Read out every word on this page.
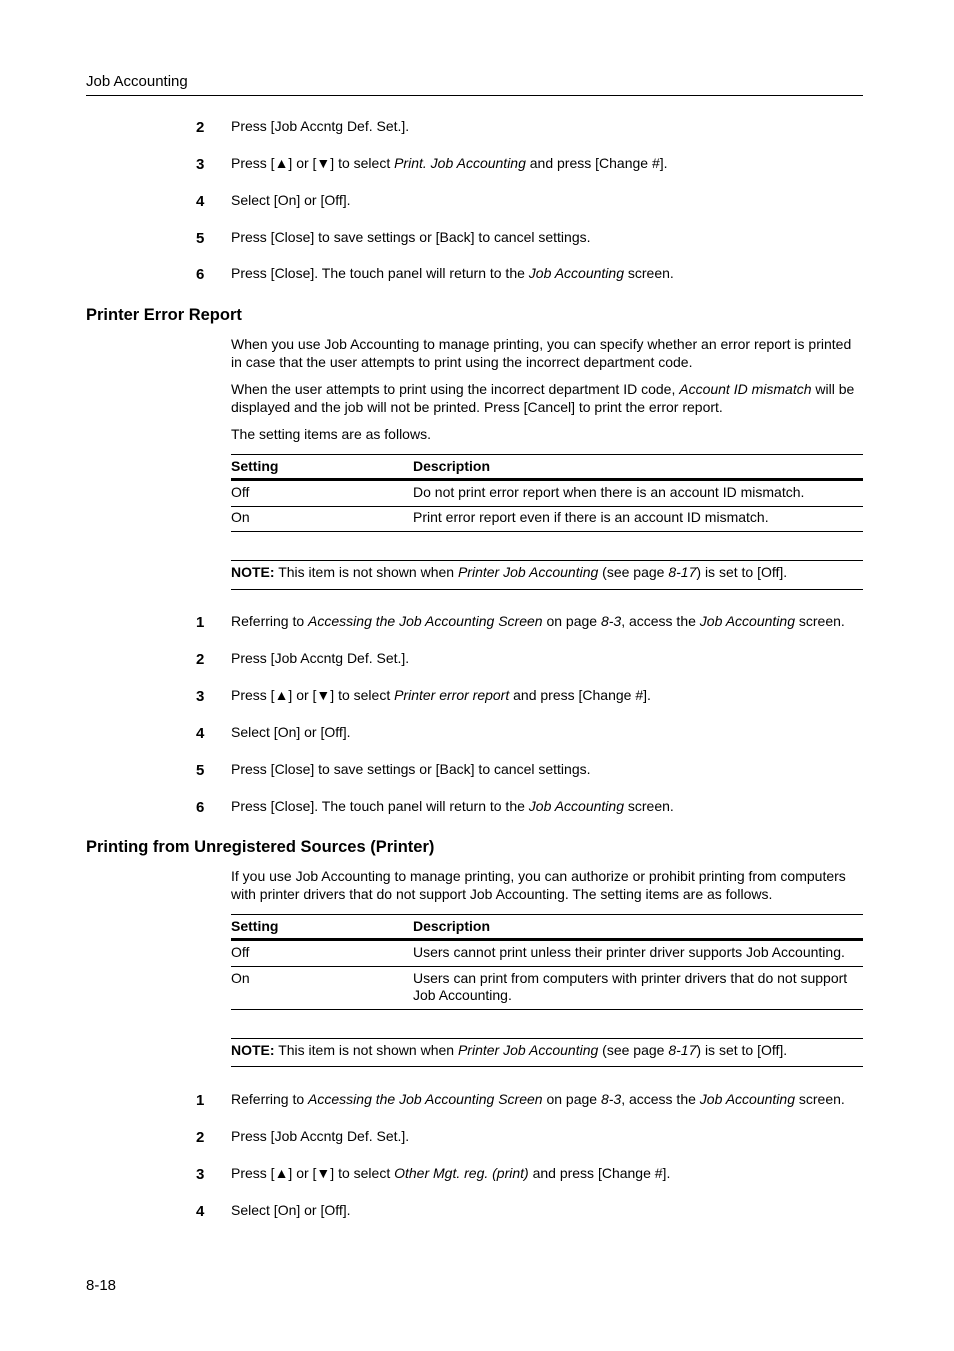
Job Accounting
2 Press [Job Accntg Def. Set.].
3 Press [▲] or [▼] to select Print. Job Accounting and press [Change #].
4 Select [On] or [Off].
5 Press [Close] to save settings or [Back] to cancel settings.
6 Press [Close]. The touch panel will return to the Job Accounting screen.
Printer Error Report

When you use Job Accounting to manage printing, you can specify whether an error report is printed in case that the user attempts to print using the incorrect department code.

When the user attempts to print using the incorrect department ID code, Account ID mismatch will be displayed and the job will not be printed. Press [Cancel] to print the error report.

The setting items are as follows.

Setting	Description
Off	Do not print error report when there is an account ID mismatch.
On	Print error report even if there is an account ID mismatch.
NOTE: This item is not shown when Printer Job Accounting (see page 8-17) is set to [Off].
1 Referring to Accessing the Job Accounting Screen on page 8-3, access the Job Accounting screen.
2 Press [Job Accntg Def. Set.].
3 Press [▲] or [▼] to select Printer error report and press [Change #].
4 Select [On] or [Off].
5 Press [Close] to save settings or [Back] to cancel settings.
6 Press [Close]. The touch panel will return to the Job Accounting screen.
Printing from Unregistered Sources (Printer)

If you use Job Accounting to manage printing, you can authorize or prohibit printing from computers with printer drivers that do not support Job Accounting. The setting items are as follows.

Setting	Description
Off	Users cannot print unless their printer driver supports Job Accounting.
On	Users can print from computers with printer drivers that do not support Job Accounting.
NOTE: This item is not shown when Printer Job Accounting (see page 8-17) is set to [Off].
1 Referring to Accessing the Job Accounting Screen on page 8-3, access the Job Accounting screen.
2 Press [Job Accntg Def. Set.].
3 Press [▲] or [▼] to select Other Mgt. reg. (print) and press [Change #].
4 Select [On] or [Off].
8-18
